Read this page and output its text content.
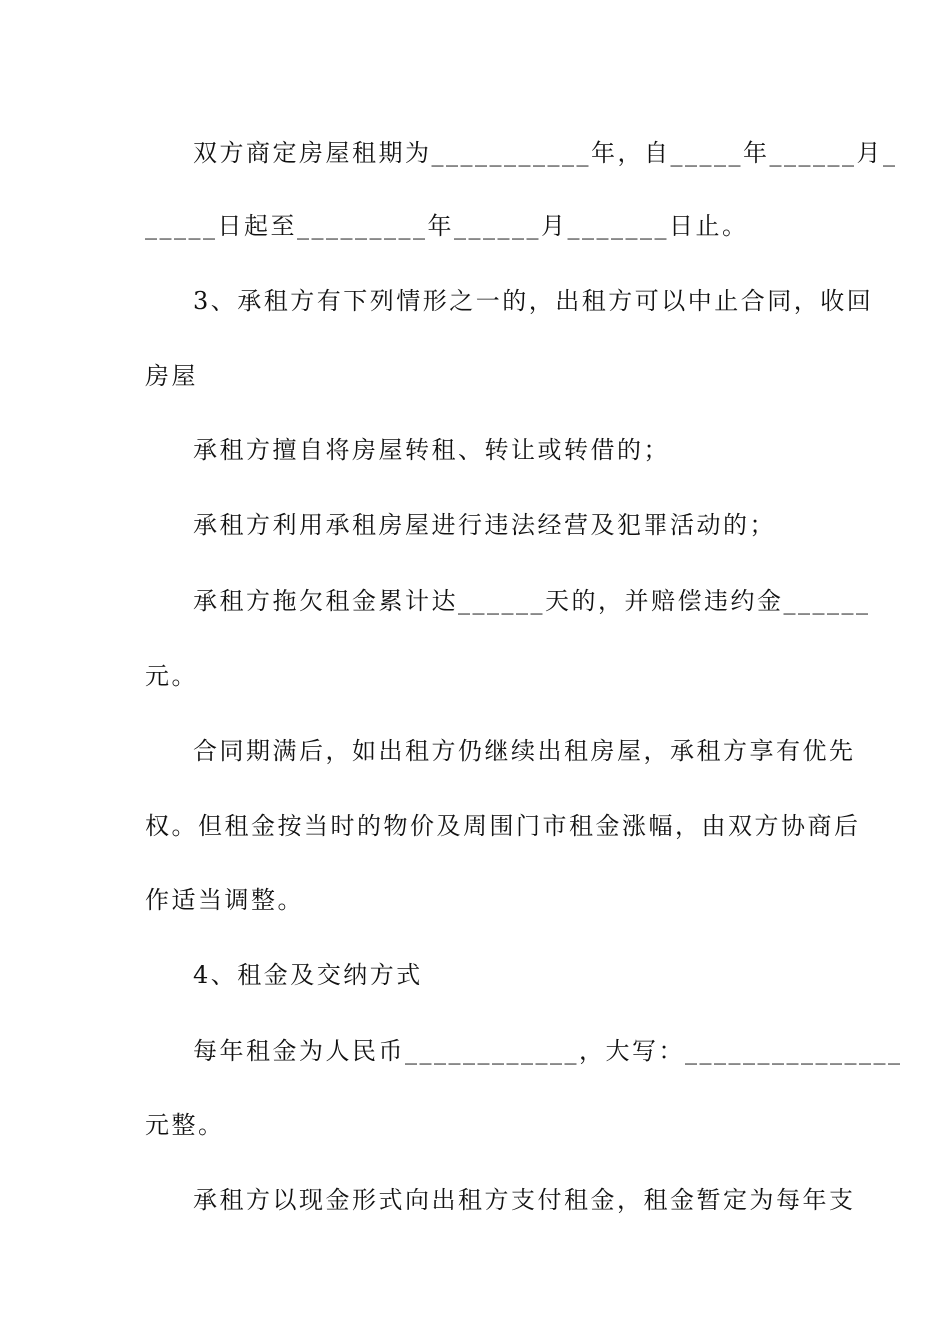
双方商定房屋租期为___________年，自_____年______月_
_____日起至_________年______月_______日止。
3、承租方有下列情形之一的，出租方可以中止合同，收回
房屋
承租方擅自将房屋转租、转让或转借的；
承租方利用承租房屋进行违法经营及犯罪活动的；
承租方拖欠租金累计达______天的，并赔偿违约金______
元。
合同期满后，如出租方仍继续出租房屋，承租方享有优先
权。但租金按当时的物价及周围门市租金涨幅，由双方协商后
作适当调整。
4、租金及交纳方式
每年租金为人民币____________，大写：_______________
元整。
承租方以现金形式向出租方支付租金，租金暂定为每年支
